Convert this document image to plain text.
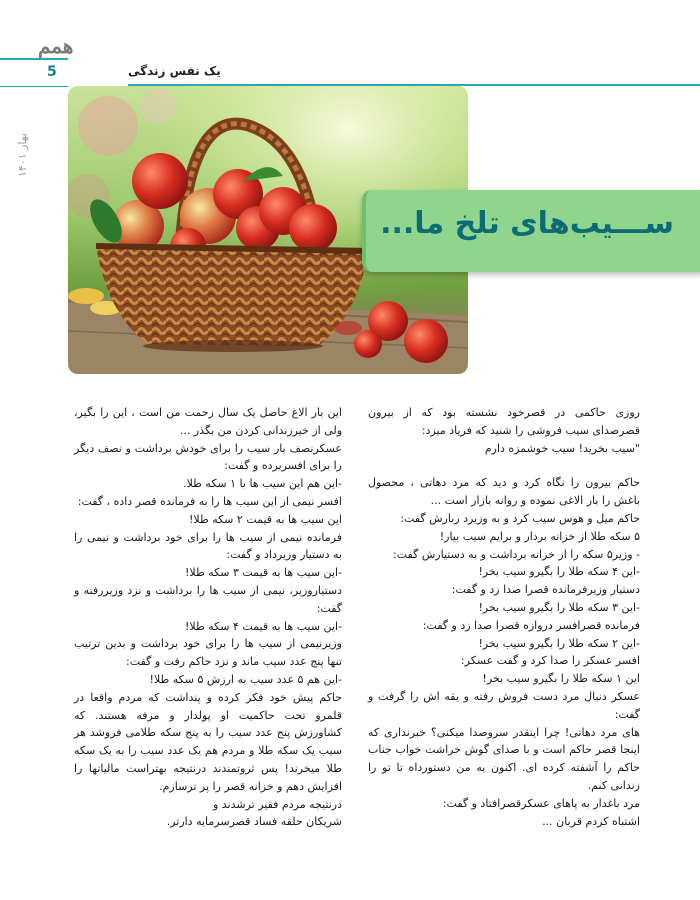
همم
5	یک نفس زندگی
بهار ۱۴۰۱
ســـیب‌های تلخ ما...

روزی حاکمی در قصرخود نشسته بود که از بیرون قصرصدای سیب فروشی را شنید که فریاد میزد:
"سیب بخرید! سیب خوشمزه دارم

حاکم بیرون را نگاه کرد و دید که مرد دهاتی ، محصول باغش را بار الاغی نموده و روانه بازار است ...
حاکم میل و هوس سیب کرد و به وزیرد ربارش گفت:
۵ سکه طلا از خزانه بردار و برایم سیب بیار!
- وزیر۵ سکه را از خزانه برداشت و به دستیارش گفت:
-این ۴ سکه طلا را بگیرو سیب بخر!
دستیار وزیرفرمانده قصرا صدا زد و گفت:
-این ۳ سکه طلا را بگیرو سیب بخر!
فرمانده قصرافسر دروازه قصرا صدا زد و گفت:
-این ۲ سکه طلا را بگیرو سیب بخر!
افسر عسکر را صدا کرد و گفت عسکر:
این ۱ سکه طلا را بگیرو سیب بخر!
عسکر دنبال مرد دست فروش رفته و یقه اش را گرفت و گفت:
های مرد دهاتی! چرا اینقدر سروصدا میکنی؟ خبرنداری که اینجا قصر حاکم است و با صدای گوش خراشت خواب جناب حاکم را آشفته کرده ای. اکنون به من دستورداه تا تو را زندانی کنم.
مرد باغدار به پاهای عسکرقصرافتاد و گفت:
اشتباه کردم قربان ...

این بار الاغ حاصل یک سال زحمت من است ، این را بگیر، ولی از خیرزندانی کردن من بگذر ...
عسکرنصف بار سیب را برای خودش برداشت و نصف دیگر را برای افسربرده و گفت:
-این هم این سیب ها با ۱ سکه طلا.
افسر نیمی از این سیب ها را به فرمانده قصر داده ، گفت:
این سیب ها به قیمت ۲ سکه طلا!
فرمانده نیمی از سیب ها را برای خود برداشت و نیمی را به دستیار وزیرداد و گفت:
-این سیب ها به قیمت ۳ سکه طلا!
دستیاروزیر، نیمی از سیب ها را برداشت و نزد وزیررفته و گفت:
-این سیب ها به قیمت ۴ سکه طلا!
وزیرنیمی از سیب ها را برای خود برداشت و بدین ترتیب تنها پنج عدد سیب ماند و نزد حاکم رفت و گفت:
-این هم ۵ عدد سیب به ارزش ۵ سکه طلا!
حاکم پیش خود فکر کرده و پنداشت که مردم واقعا در قلمرو تحت حاکمیت او پولدار و مرفه هستند. که کشاورزش پنج عدد سیب را به پنج سکه طلامی فروشد هر سیب یک سکه طلا و مردم هم یک عدد سیب را به یک سکه طلا میخرند! پس ثروتمندند درنتیجه بهتراست مالیاتها را افزایش دهم و خزانه قصر را پر ترسازم.
درنتیجه مردم فقیر ترشدند و
شریکان حلقه فساد قصرسرمایه دارتر.
